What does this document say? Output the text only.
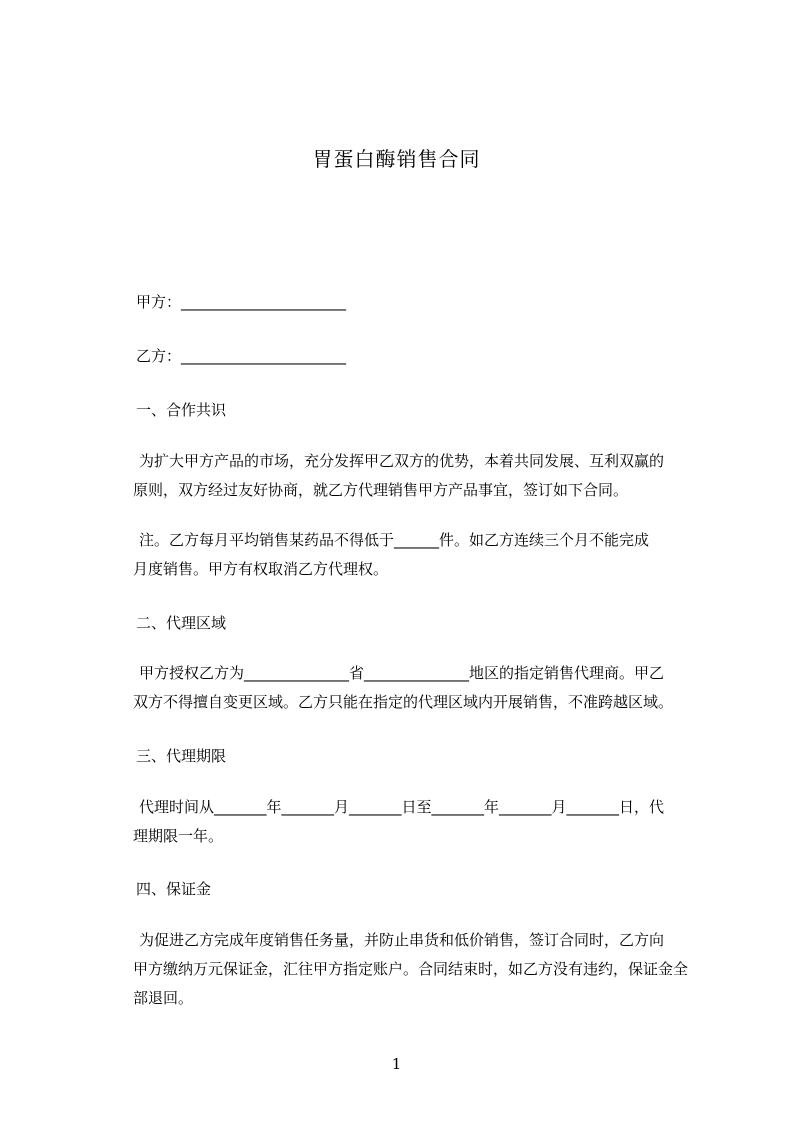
胃蛋白酶销售合同
甲方：______________________
乙方：______________________
一、合作共识
为扩大甲方产品的市场，充分发挥甲乙双方的优势，本着共同发展、互利双赢的
原则，双方经过友好协商，就乙方代理销售甲方产品事宜，签订如下合同。
注。乙方每月平均销售某药品不得低于______件。如乙方连续三个月不能完成
月度销售。甲方有权取消乙方代理权。
二、代理区域
甲方授权乙方为______________省______________地区的指定销售代理商。甲乙
双方不得擅自变更区域。乙方只能在指定的代理区域内开展销售，不准跨越区域。
三、代理期限
代理时间从_______年_______月_______日至_______年_______月_______日，代
理期限一年。
四、保证金
为促进乙方完成年度销售任务量，并防止串货和低价销售，签订合同时，乙方向
甲方缴纳万元保证金，汇往甲方指定账户。合同结束时，如乙方没有违约，保证金全
部退回。
1
